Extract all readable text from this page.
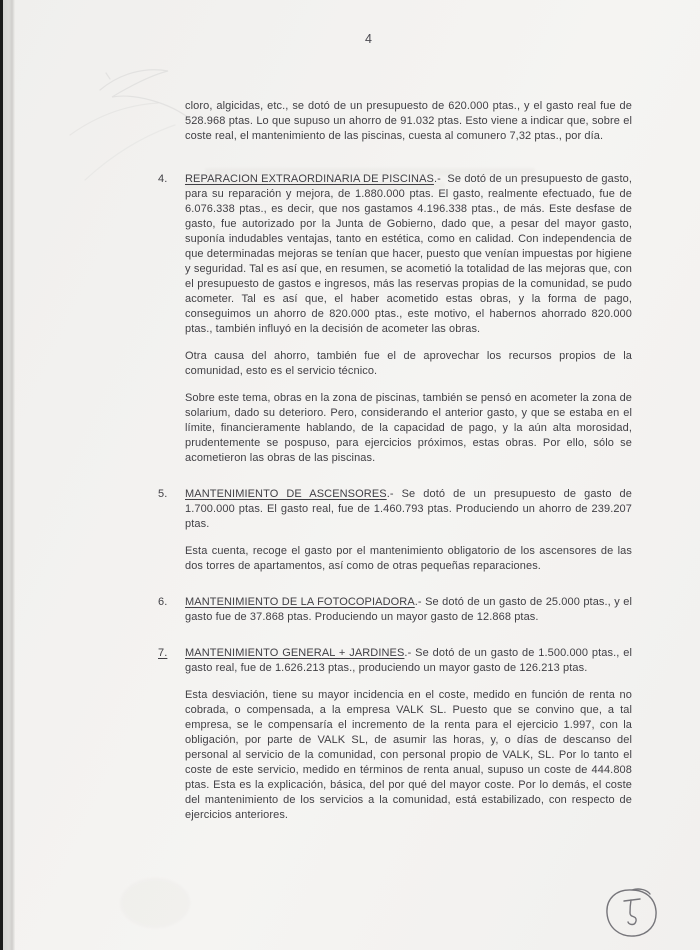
4

cloro, algicidas, etc., se dotó de un presupuesto de 620.000 ptas., y el gasto real fue de 528.968 ptas. Lo que supuso un ahorro de 91.032 ptas. Esto viene a indicar que, sobre el coste real, el mantenimiento de las piscinas, cuesta al comunero 7,32 ptas., por día.

4.	REPARACION EXTRAORDINARIA DE PISCINAS.- Se dotó de un presupuesto de gasto, para su reparación y mejora, de 1.880.000 ptas. El gasto, realmente efectuado, fue de 6.076.338 ptas., es decir, que nos gastamos 4.196.338 ptas., de más. Este desfase de gasto, fue autorizado por la Junta de Gobierno, dado que, a pesar del mayor gasto, suponía indudables ventajas, tanto en estética, como en calidad. Con independencia de que determinadas mejoras se tenían que hacer, puesto que venían impuestas por higiene y seguridad. Tal es así que, en resumen, se acometió la totalidad de las mejoras que, con el presupuesto de gastos e ingresos, más las reservas propias de la comunidad, se pudo acometer. Tal es así que, el haber acometido estas obras, y la forma de pago, conseguimos un ahorro de 820.000 ptas., este motivo, el habernos ahorrado 820.000 ptas., también influyó en la decisión de acometer las obras.

Otra causa del ahorro, también fue el de aprovechar los recursos propios de la comunidad, esto es el servicio técnico.

Sobre este tema, obras en la zona de piscinas, también se pensó en acometer la zona de solarium, dado su deterioro. Pero, considerando el anterior gasto, y que se estaba en el límite, financieramente hablando, de la capacidad de pago, y la aún alta morosidad, prudentemente se pospuso, para ejercicios próximos, estas obras. Por ello, sólo se acometieron las obras de las piscinas.

5.	MANTENIMIENTO DE ASCENSORES.- Se dotó de un presupuesto de gasto de 1.700.000 ptas. El gasto real, fue de 1.460.793 ptas. Produciendo un ahorro de 239.207 ptas.

Esta cuenta, recoge el gasto por el mantenimiento obligatorio de los ascensores de las dos torres de apartamentos, así como de otras pequeñas reparaciones.

6.	MANTENIMIENTO DE LA FOTOCOPIADORA.- Se dotó de un gasto de 25.000 ptas., y el gasto fue de 37.868 ptas. Produciendo un mayor gasto de 12.868 ptas.

7.	MANTENIMIENTO GENERAL + JARDINES.- Se dotó de un gasto de 1.500.000 ptas., el gasto real, fue de 1.626.213 ptas., produciendo un mayor gasto de 126.213 ptas.

Esta desviación, tiene su mayor incidencia en el coste, medido en función de renta no cobrada, o compensada, a la empresa VALK SL. Puesto que se convino que, a tal empresa, se le compensaría el incremento de la renta para el ejercicio 1.997, con la obligación, por parte de VALK SL, de asumir las horas, y, o días de descanso del personal al servicio de la comunidad, con personal propio de VALK, SL. Por lo tanto el coste de este servicio, medido en términos de renta anual, supuso un coste de 444.808 ptas. Esta es la explicación, básica, del por qué del mayor coste. Por lo demás, el coste del mantenimiento de los servicios a la comunidad, está estabilizado, con respecto de ejercicios anteriores.
